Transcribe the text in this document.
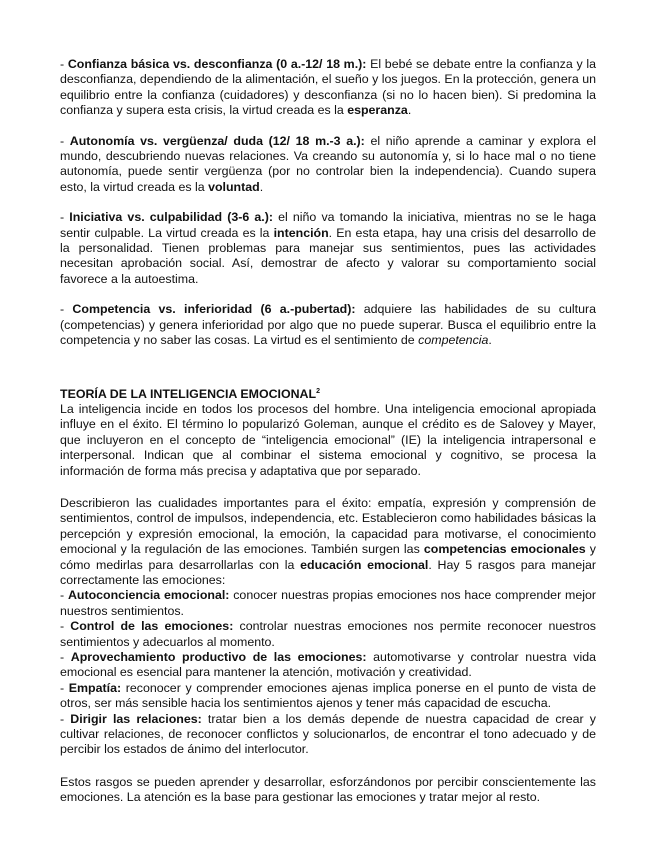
- Confianza básica vs. desconfianza (0 a.-12/ 18 m.): El bebé se debate entre la confianza y la desconfianza, dependiendo de la alimentación, el sueño y los juegos. En la protección, genera un equilibrio entre la confianza (cuidadores) y desconfianza (si no lo hacen bien). Si predomina la confianza y supera esta crisis, la virtud creada es la esperanza.

- Autonomía vs. vergüenza/ duda (12/ 18 m.-3 a.): el niño aprende a caminar y explora el mundo, descubriendo nuevas relaciones. Va creando su autonomía y, si lo hace mal o no tiene autonomía, puede sentir vergüenza (por no controlar bien la independencia). Cuando supera esto, la virtud creada es la voluntad.

- Iniciativa vs. culpabilidad (3-6 a.): el niño va tomando la iniciativa, mientras no se le haga sentir culpable. La virtud creada es la intención. En esta etapa, hay una crisis del desarrollo de la personalidad. Tienen problemas para manejar sus sentimientos, pues las actividades necesitan aprobación social. Así, demostrar de afecto y valorar su comportamiento social favorece a la autoestima.

- Competencia vs. inferioridad (6 a.-pubertad): adquiere las habilidades de su cultura (competencias) y genera inferioridad por algo que no puede superar. Busca el equilibrio entre la competencia y no saber las cosas. La virtud es el sentimiento de competencia.

TEORÍA DE LA INTELIGENCIA EMOCIONAL$^2$

La inteligencia incide en todos los procesos del hombre. Una inteligencia emocional apropiada influye en el éxito. El término lo popularizó Goleman, aunque el crédito es de Salovey y Mayer, que incluyeron en el concepto de “inteligencia emocional” (IE) la inteligencia intrapersonal e interpersonal. Indican que al combinar el sistema emocional y cognitivo, se procesa la información de forma más precisa y adaptativa que por separado.

Describieron las cualidades importantes para el éxito: empatía, expresión y comprensión de sentimientos, control de impulsos, independencia, etc. Establecieron como habilidades básicas la percepción y expresión emocional, la emoción, la capacidad para motivarse, el conocimiento emocional y la regulación de las emociones. También surgen las competencias emocionales y cómo medirlas para desarrollarlas con la educación emocional. Hay 5 rasgos para manejar correctamente las emociones:

- Autoconciencia emocional: conocer nuestras propias emociones nos hace comprender mejor nuestros sentimientos.

- Control de las emociones: controlar nuestras emociones nos permite reconocer nuestros sentimientos y adecuarlos al momento.

- Aprovechamiento productivo de las emociones: automotivarse y controlar nuestra vida emocional es esencial para mantener la atención, motivación y creatividad.

- Empatía: reconocer y comprender emociones ajenas implica ponerse en el punto de vista de otros, ser más sensible hacia los sentimientos ajenos y tener más capacidad de escucha.

- Dirigir las relaciones: tratar bien a los demás depende de nuestra capacidad de crear y cultivar relaciones, de reconocer conflictos y solucionarlos, de encontrar el tono adecuado y de percibir los estados de ánimo del interlocutor.

Estos rasgos se pueden aprender y desarrollar, esforzándonos por percibir conscientemente las emociones. La atención es la base para gestionar las emociones y tratar mejor al resto.
